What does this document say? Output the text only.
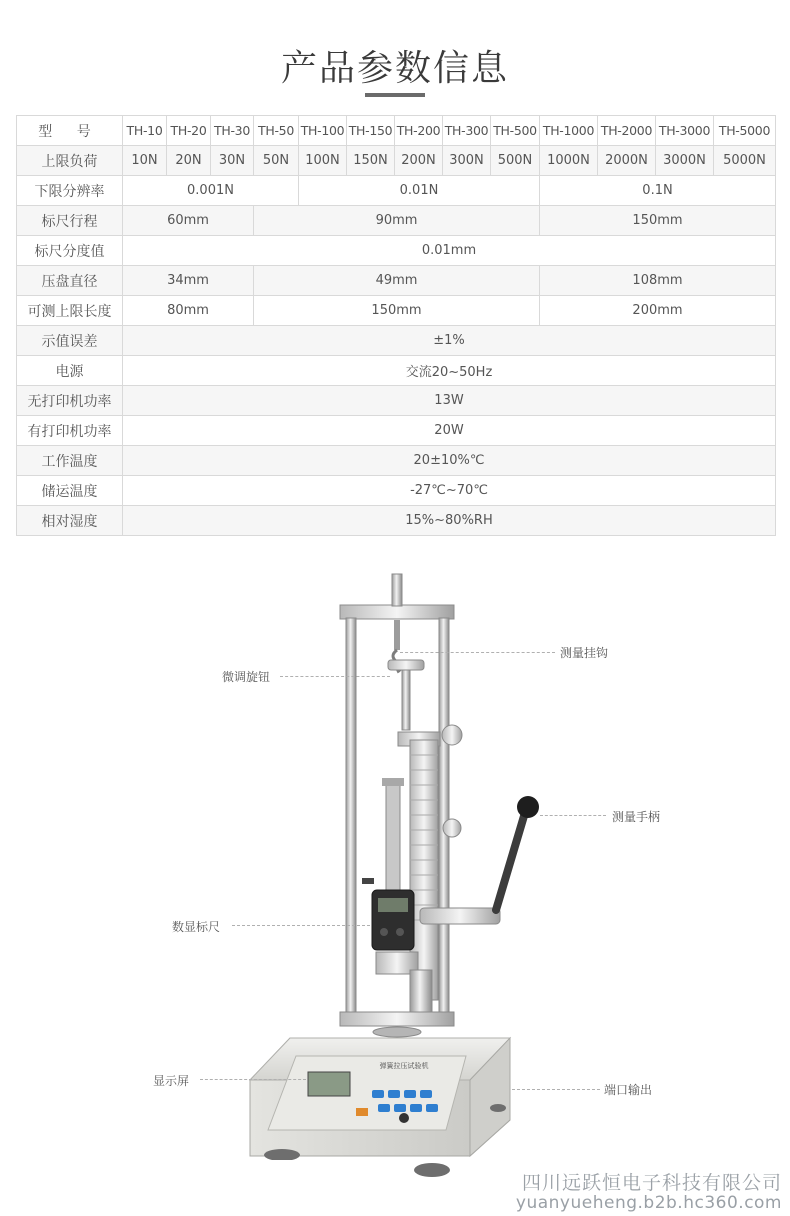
产品参数信息
型 号	TH-10	TH-20	TH-30	TH-50	TH-100	TH-150	TH-200	TH-300	TH-500	TH-1000	TH-2000	TH-3000	TH-5000
上限负荷	10N	20N	30N	50N	100N	150N	200N	300N	500N	1000N	2000N	3000N	5000N
下限分辨率	0.001N				0.01N					0.1N			
标尺行程	60mm			90mm						150mm			
标尺分度值	0.01mm												
压盘直径	34mm			49mm						108mm			
可测上限长度	80mm			150mm						200mm			
示值误差	±1%												
电源	交流20~50Hz												
无打印机功率	13W												
有打印机功率	20W												
工作温度	20±10%℃												
储运温度	-27℃~70℃												
相对湿度	15%~80%RH												
弹簧拉压试验机
测量挂钩
微调旋钮
测量手柄
数显标尺
显示屏
端口输出
四川远跃恒电子科技有限公司
yuanyueheng.b2b.hc360.com
